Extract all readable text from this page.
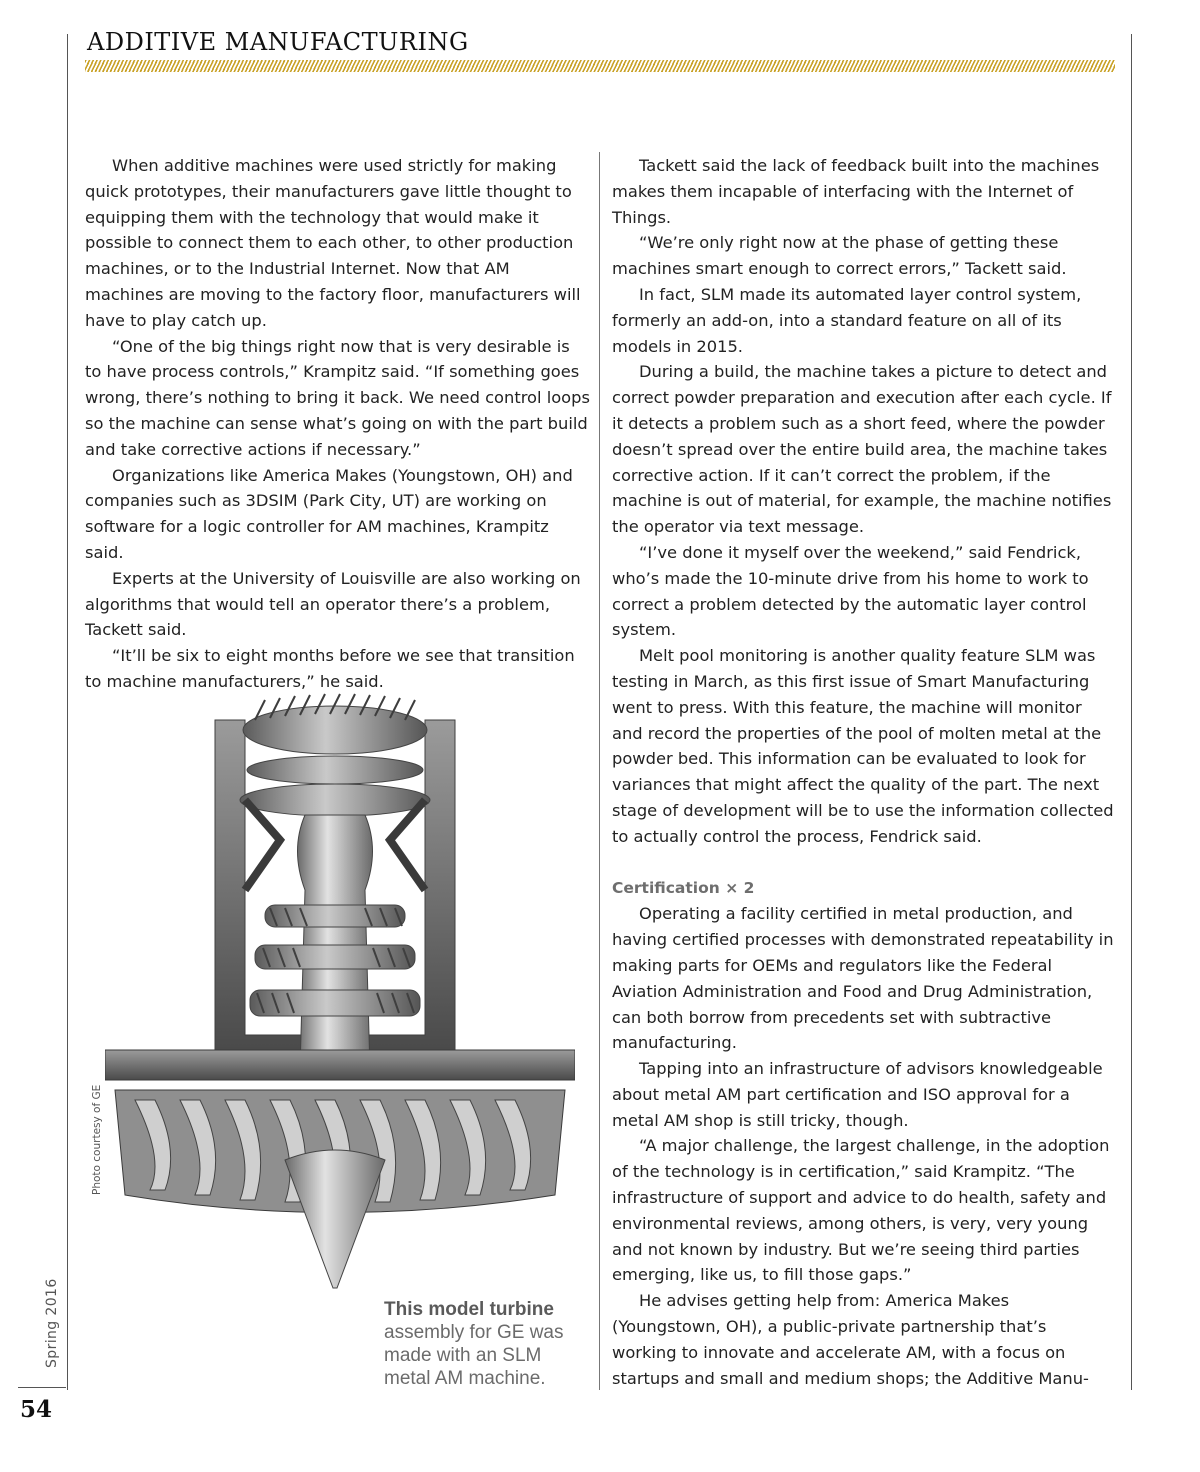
ADDITIVE MANUFACTURING

When additive machines were used strictly for making quick prototypes, their manufacturers gave little thought to equipping them with the technology that would make it possible to connect them to each other, to other production machines, or to the Industrial Internet. Now that AM machines are moving to the factory floor, manufacturers will have to play catch up.

“One of the big things right now that is very desirable is to have process controls,” Krampitz said. “If something goes wrong, there’s nothing to bring it back. We need control loops so the machine can sense what’s going on with the part build and take corrective actions if necessary.”

Organizations like America Makes (Youngstown, OH) and companies such as 3DSIM (Park City, UT) are working on software for a logic controller for AM machines, Krampitz said.

Experts at the University of Louisville are also working on algorithms that would tell an operator there’s a problem, Tackett said.

“It’ll be six to eight months before we see that transition to machine manufacturers,” he said.

Tackett said the lack of feedback built into the machines makes them incapable of interfacing with the Internet of Things.

“We’re only right now at the phase of getting these machines smart enough to correct errors,” Tackett said.

In fact, SLM made its automated layer control system, formerly an add-on, into a standard feature on all of its models in 2015.

During a build, the machine takes a picture to detect and correct powder preparation and execution after each cycle. If it detects a problem such as a short feed, where the powder doesn’t spread over the entire build area, the machine takes corrective action. If it can’t correct the problem, if the machine is out of material, for example, the machine notifies the operator via text message.

“I’ve done it myself over the weekend,” said Fendrick, who’s made the 10-minute drive from his home to work to correct a problem detected by the automatic layer control system.

Melt pool monitoring is another quality feature SLM was testing in March, as this first issue of Smart Manufacturing went to press. With this feature, the machine will monitor and record the properties of the pool of molten metal at the powder bed. This information can be evaluated to look for variances that might affect the quality of the part. The next stage of development will be to use the information collected to actually control the process, Fendrick said.

Certification × 2

Operating a facility certified in metal production, and having certified processes with demonstrated repeatability in making parts for OEMs and regulators like the Federal Aviation Administration and Food and Drug Administration, can both borrow from precedents set with subtractive manufacturing.

Tapping into an infrastructure of advisors knowledgeable about metal AM part certification and ISO approval for a metal AM shop is still tricky, though.

“A major challenge, the largest challenge, in the adoption of the technology is in certification,” said Krampitz. “The infrastructure of support and advice to do health, safety and environmental reviews, among others, is very, very young and not known by industry. But we’re seeing third parties emerging, like us, to fill those gaps.”

He advises getting help from: America Makes (Youngstown, OH), a public-private partnership that’s working to innovate and accelerate AM, with a focus on startups and small and medium shops; the Additive Manu-

Photo courtesy of GE
This model turbine assembly for GE was made with an SLM metal AM machine.
Spring 2016
54
